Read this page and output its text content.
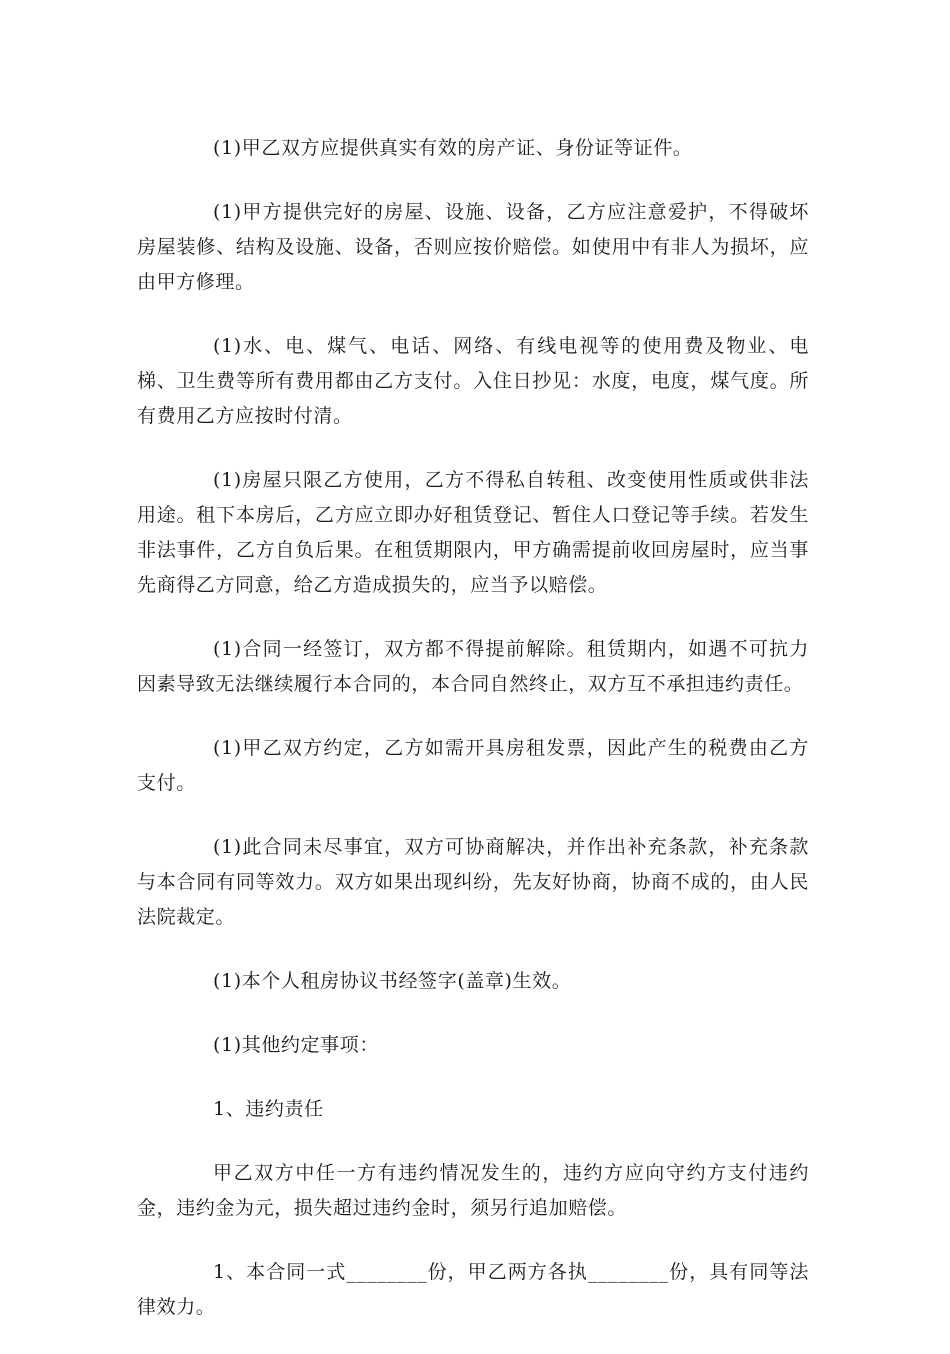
(1)甲乙双方应提供真实有效的房产证、身份证等证件。

(1)甲方提供完好的房屋、设施、设备，乙方应注意爱护，不得破坏房屋装修、结构及设施、设备，否则应按价赔偿。如使用中有非人为损坏，应由甲方修理。

(1)水、电、煤气、电话、网络、有线电视等的使用费及物业、电梯、卫生费等所有费用都由乙方支付。入住日抄见：水度，电度，煤气度。所有费用乙方应按时付清。

(1)房屋只限乙方使用，乙方不得私自转租、改变使用性质或供非法用途。租下本房后，乙方应立即办好租赁登记、暂住人口登记等手续。若发生非法事件，乙方自负后果。在租赁期限内，甲方确需提前收回房屋时，应当事先商得乙方同意，给乙方造成损失的，应当予以赔偿。

(1)合同一经签订，双方都不得提前解除。租赁期内，如遇不可抗力因素导致无法继续履行本合同的，本合同自然终止，双方互不承担违约责任。

(1)甲乙双方约定，乙方如需开具房租发票，因此产生的税费由乙方支付。

(1)此合同未尽事宜，双方可协商解决，并作出补充条款，补充条款与本合同有同等效力。双方如果出现纠纷，先友好协商，协商不成的，由人民法院裁定。

(1)本个人租房协议书经签字(盖章)生效。

(1)其他约定事项：

1、违约责任

甲乙双方中任一方有违约情况发生的，违约方应向守约方支付违约金，违约金为元，损失超过违约金时，须另行追加赔偿。

1、本合同一式________份，甲乙两方各执________份，具有同等法律效力。
